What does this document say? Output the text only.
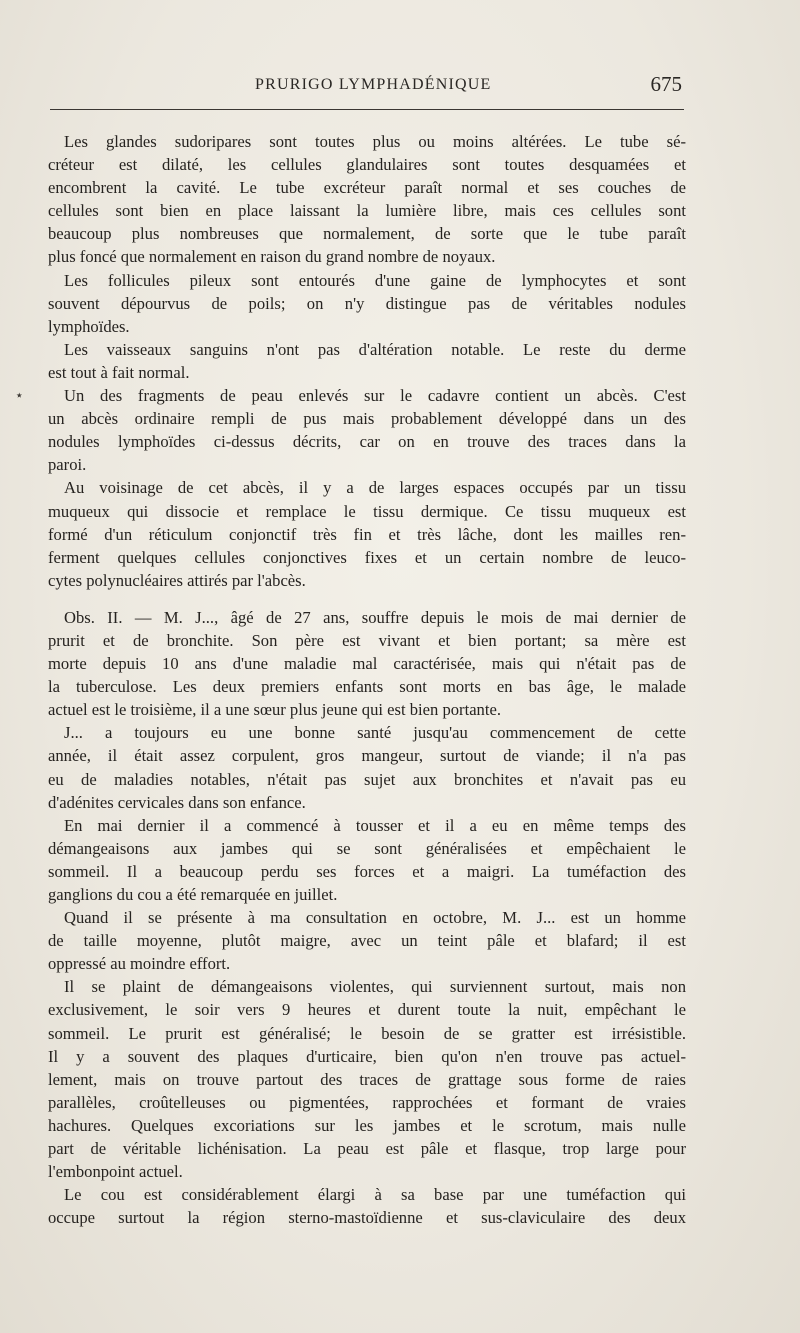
PRURIGO LYMPHADÉNIQUE	675
٭

Les glandes sudoripares sont toutes plus ou moins altérées. Le tube sé-
créteur est dilaté, les cellules glandulaires sont toutes desquamées et
encombrent la cavité. Le tube excréteur paraît normal et ses couches de
cellules sont bien en place laissant la lumière libre, mais ces cellules sont
beaucoup plus nombreuses que normalement, de sorte que le tube paraît
plus foncé que normalement en raison du grand nombre de noyaux.

Les follicules pileux sont entourés d'une gaine de lymphocytes et sont
souvent dépourvus de poils; on n'y distingue pas de véritables nodules
lymphoïdes.

Les vaisseaux sanguins n'ont pas d'altération notable. Le reste du derme
est tout à fait normal.

Un des fragments de peau enlevés sur le cadavre contient un abcès. C'est
un abcès ordinaire rempli de pus mais probablement développé dans un des
nodules lymphoïdes ci-dessus décrits, car on en trouve des traces dans la
paroi.

Au voisinage de cet abcès, il y a de larges espaces occupés par un tissu
muqueux qui dissocie et remplace le tissu dermique. Ce tissu muqueux est
formé d'un réticulum conjonctif très fin et très lâche, dont les mailles ren-
ferment quelques cellules conjonctives fixes et un certain nombre de leuco-
cytes polynucléaires attirés par l'abcès.

Obs. II. — M. J..., âgé de 27 ans, souffre depuis le mois de mai dernier de
prurit et de bronchite. Son père est vivant et bien portant; sa mère est
morte depuis 10 ans d'une maladie mal caractérisée, mais qui n'était pas de
la tuberculose. Les deux premiers enfants sont morts en bas âge, le malade
actuel est le troisième, il a une sœur plus jeune qui est bien portante.

J... a toujours eu une bonne santé jusqu'au commencement de cette
année, il était assez corpulent, gros mangeur, surtout de viande; il n'a pas
eu de maladies notables, n'était pas sujet aux bronchites et n'avait pas eu
d'adénites cervicales dans son enfance.

En mai dernier il a commencé à tousser et il a eu en même temps des
démangeaisons aux jambes qui se sont généralisées et empêchaient le
sommeil. Il a beaucoup perdu ses forces et a maigri. La tuméfaction des
ganglions du cou a été remarquée en juillet.

Quand il se présente à ma consultation en octobre, M. J... est un homme
de taille moyenne, plutôt maigre, avec un teint pâle et blafard; il est
oppressé au moindre effort.

Il se plaint de démangeaisons violentes, qui surviennent surtout, mais non
exclusivement, le soir vers 9 heures et durent toute la nuit, empêchant le
sommeil. Le prurit est généralisé; le besoin de se gratter est irrésistible.
Il y a souvent des plaques d'urticaire, bien qu'on n'en trouve pas actuel-
lement, mais on trouve partout des traces de grattage sous forme de raies
parallèles, croûtelleuses ou pigmentées, rapprochées et formant de vraies
hachures. Quelques excoriations sur les jambes et le scrotum, mais nulle
part de véritable lichénisation. La peau est pâle et flasque, trop large pour
l'embonpoint actuel.

Le cou est considérablement élargi à sa base par une tuméfaction qui
occupe surtout la région sterno-mastoïdienne et sus-claviculaire des deux
